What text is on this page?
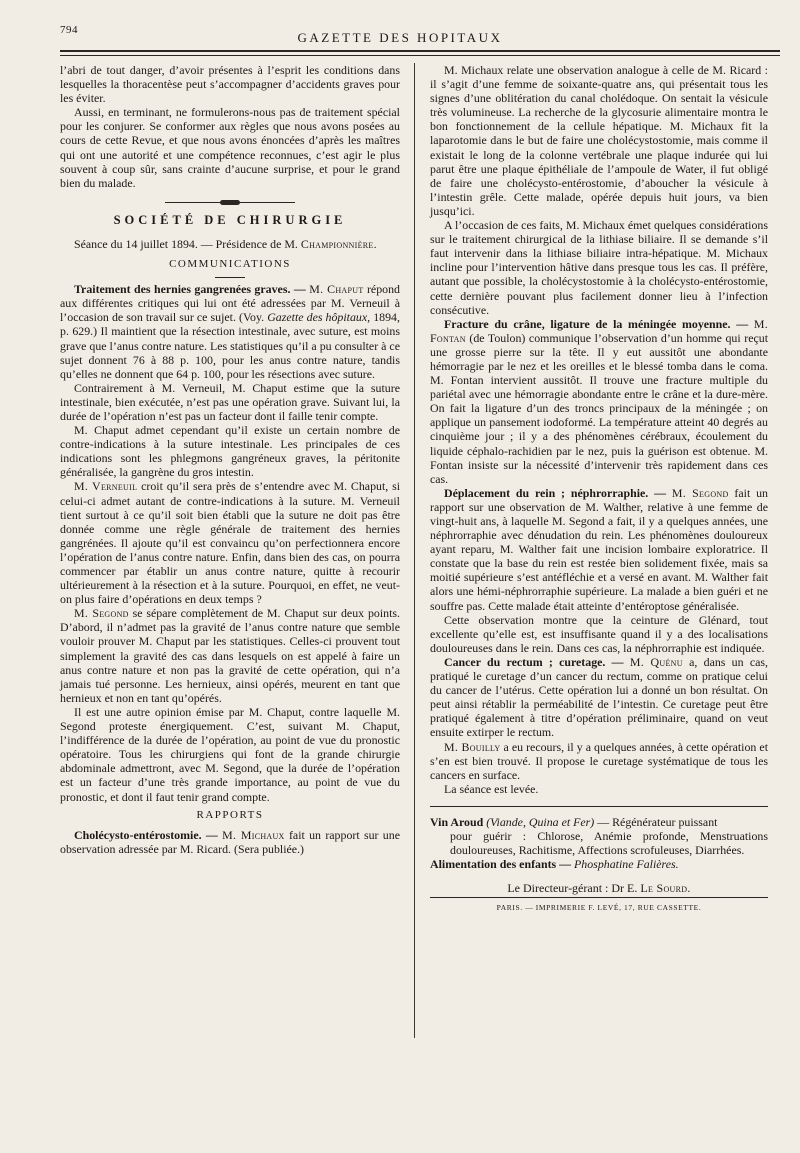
794	GAZETTE DES HOPITAUX

l’abri de tout danger, d’avoir présentes à l’esprit les conditions dans lesquelles la thoracentèse peut s’accompagner d’accidents graves pour les éviter.

Aussi, en terminant, ne formulerons-nous pas de traitement spécial pour les conjurer. Se conformer aux règles que nous avons posées au cours de cette Revue, et que nous avons énoncées d’après les maîtres qui ont une autorité et une compétence reconnues, c’est agir le plus souvent à coup sûr, sans crainte d’aucune surprise, et pour le grand bien du malade.

SOCIÉTÉ DE CHIRURGIE

Séance du 14 juillet 1894. — Présidence de M. Championnière.

COMMUNICATIONS

Traitement des hernies gangrenées graves. — M. Chaput répond aux différentes critiques qui lui ont été adressées par M. Verneuil à l’occasion de son travail sur ce sujet. (Voy. Gazette des hôpitaux, 1894, p. 629.) Il maintient que la résection intestinale, avec suture, est moins grave que l’anus contre nature. Les statistiques qu’il a pu consulter à ce sujet donnent 76 à 88 p. 100, pour les anus contre nature, tandis qu’elles ne donnent que 64 p. 100, pour les résections avec suture.

Contrairement à M. Verneuil, M. Chaput estime que la suture intestinale, bien exécutée, n’est pas une opération grave. Suivant lui, la durée de l’opération n’est pas un facteur dont il faille tenir compte.

M. Chaput admet cependant qu’il existe un certain nombre de contre-indications à la suture intestinale. Les principales de ces indications sont les phlegmons gangréneux graves, la péritonite généralisée, la gangrène du gros intestin.

M. Verneuil croit qu’il sera près de s’entendre avec M. Chaput, si celui-ci admet autant de contre-indications à la suture. M. Verneuil tient surtout à ce qu’il soit bien établi que la suture ne doit pas être donnée comme une règle générale de traitement des hernies gangrénées. Il ajoute qu’il est convaincu qu’on perfectionnera encore l’opération de l’anus contre nature. Enfin, dans bien des cas, on pourra commencer par établir un anus contre nature, quitte à recourir ultérieurement à la résection et à la suture. Pourquoi, en effet, ne veut-on plus faire d’opérations en deux temps ?

M. Segond se sépare complètement de M. Chaput sur deux points. D’abord, il n’admet pas la gravité de l’anus contre nature que semble vouloir prouver M. Chaput par les statistiques. Celles-ci prouvent tout simplement la gravité des cas dans lesquels on est appelé à faire un anus contre nature et non pas la gravité de cette opération, qui n’a jamais tué personne. Les hernieux, ainsi opérés, meurent en tant que hernieux et non en tant qu’opérés.

Il est une autre opinion émise par M. Chaput, contre laquelle M. Segond proteste énergiquement. C’est, suivant M. Chaput, l’indifférence de la durée de l’opération, au point de vue du pronostic opératoire. Tous les chirurgiens qui font de la grande chirurgie abdominale admettront, avec M. Segond, que la durée de l’opération est un facteur d’une très grande importance, au point de vue du pronostic, et dont il faut tenir grand compte.

RAPPORTS

Cholécysto-entérostomie. — M. Michaux fait un rapport sur une observation adressée par M. Ricard. (Sera publiée.)

M. Michaux relate une observation analogue à celle de M. Ricard : il s’agit d’une femme de soixante-quatre ans, qui présentait tous les signes d’une oblitération du canal cholédoque. On sentait la vésicule très volumineuse. La recherche de la glycosurie alimentaire montra le bon fonctionnement de la cellule hépatique. M. Michaux fit la laparotomie dans le but de faire une cholécystostomie, mais comme il existait le long de la colonne vertébrale une plaque indurée qui lui parut être une plaque épithéliale de l’ampoule de Water, il fut obligé de faire une cholécysto-entérostomie, d’aboucher la vésicule à l’intestin grêle. Cette malade, opérée depuis huit jours, va bien jusqu’ici.

A l’occasion de ces faits, M. Michaux émet quelques considérations sur le traitement chirurgical de la lithiase biliaire. Il se demande s’il faut intervenir dans la lithiase biliaire intra-hépatique. M. Michaux incline pour l’intervention hâtive dans presque tous les cas. Il préfère, autant que possible, la cholécystostomie à la cholécysto-entérostomie, cette dernière pouvant plus facilement donner lieu à l’infection consécutive.

Fracture du crâne, ligature de la méningée moyenne. — M. Fontan (de Toulon) communique l’observation d’un homme qui reçut une grosse pierre sur la tête. Il y eut aussitôt une abondante hémorragie par le nez et les oreilles et le blessé tomba dans le coma. M. Fontan intervient aussitôt. Il trouve une fracture multiple du pariétal avec une hémorragie abondante entre le crâne et la dure-mère. On fait la ligature d’un des troncs principaux de la méningée ; on applique un pansement iodoformé. La température atteint 40 degrés au cinquième jour ; il y a des phénomènes cérébraux, écoulement du liquide céphalo-rachidien par le nez, puis la guérison est obtenue. M. Fontan insiste sur la nécessité d’intervenir très rapidement dans ces cas.

Déplacement du rein ; néphrorraphie. — M. Segond fait un rapport sur une observation de M. Walther, relative à une femme de vingt-huit ans, à laquelle M. Segond a fait, il y a quelques années, une néphrorraphie avec dénudation du rein. Les phénomènes douloureux ayant reparu, M. Walther fait une incision lombaire exploratrice. Il constate que la base du rein est restée bien solidement fixée, mais sa moitié supérieure s’est antéfléchie et a versé en avant. M. Walther fait alors une hémi-néphrorraphie supérieure. La malade a bien guéri et ne souffre pas. Cette malade était atteinte d’entéroptose généralisée.

Cette observation montre que la ceinture de Glénard, tout excellente qu’elle est, est insuffisante quand il y a des localisations douloureuses dans le rein. Dans ces cas, la néphrorraphie est indiquée.

Cancer du rectum ; curetage. — M. Quénu a, dans un cas, pratiqué le curetage d’un cancer du rectum, comme on pratique celui du cancer de l’utérus. Cette opération lui a donné un bon résultat. On peut ainsi rétablir la perméabilité de l’intestin. Ce curetage peut être pratiqué également à titre d’opération préliminaire, quand on veut ensuite extirper le rectum.

M. Bouilly a eu recours, il y a quelques années, à cette opération et s’en est bien trouvé. Il propose le curetage systématique de tous les cancers en surface.

La séance est levée.

Vin Aroud (Viande, Quina et Fer) — Régénérateur puissant

pour guérir : Chlorose, Anémie profonde, Menstruations douloureuses, Rachitisme, Affections scrofuleuses, Diarrhées.

Alimentation des enfants — Phosphatine Falières.

Le Directeur-gérant : Dr E. Le Sourd.
PARIS. — IMPRIMERIE F. LEVÉ, 17, RUE CASSETTE.
